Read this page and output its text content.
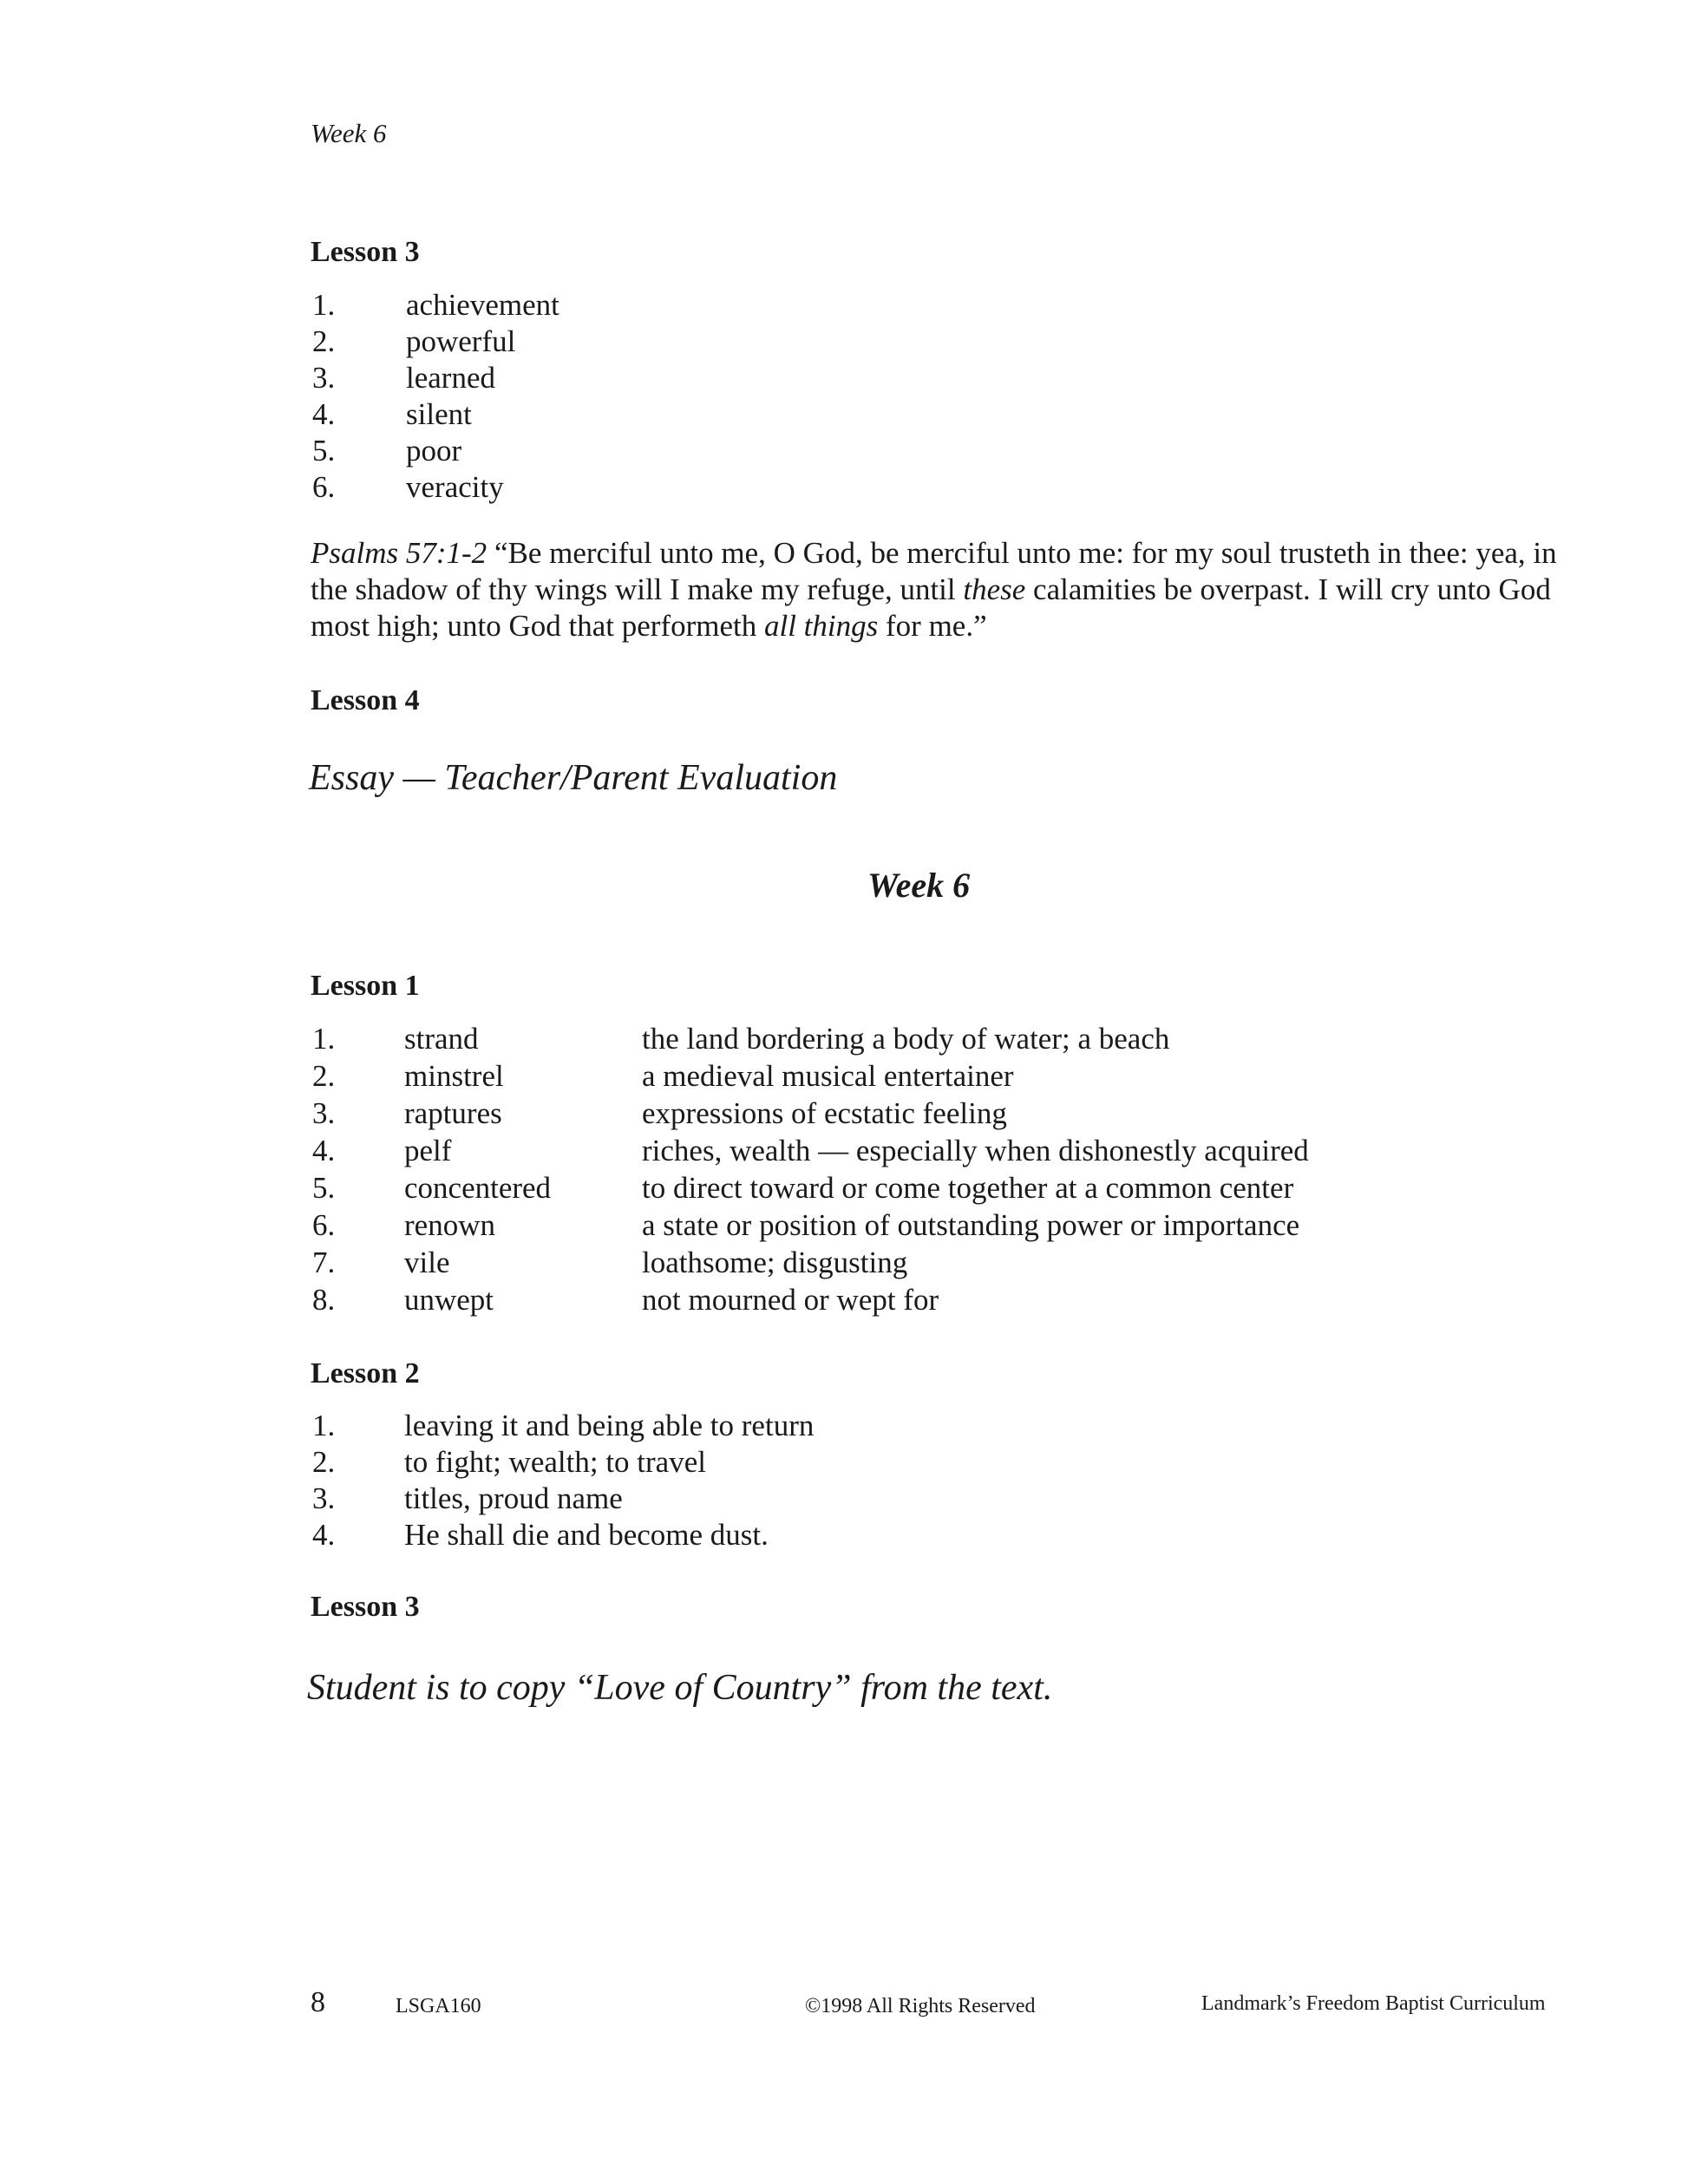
Week 6
Lesson 3
1. achievement
2. powerful
3. learned
4. silent
5. poor
6. veracity
Psalms 57:1-2 “Be merciful unto me, O God, be merciful unto me: for my soul trusteth in thee: yea, in the shadow of thy wings will I make my refuge, until these calamities be overpast. I will cry unto God most high; unto God that performeth all things for me.”
Lesson 4
Essay — Teacher/Parent Evaluation
Week 6
Lesson 1
1. strand	the land bordering a body of water; a beach
2. minstrel	a medieval musical entertainer
3. raptures	expressions of ecstatic feeling
4. pelf	riches, wealth — especially when dishonestly acquired
5. concentered	to direct toward or come together at a common center
6. renown	a state or position of outstanding power or importance
7. vile	loathsome; disgusting
8. unwept	not mourned or wept for
Lesson 2
1. leaving it and being able to return
2. to fight; wealth; to travel
3. titles, proud name
4. He shall die and become dust.
Lesson 3
Student is to copy “Love of Country” from the text.
8	LSGA160	©1998 All Rights Reserved	Landmark’s Freedom Baptist Curriculum
